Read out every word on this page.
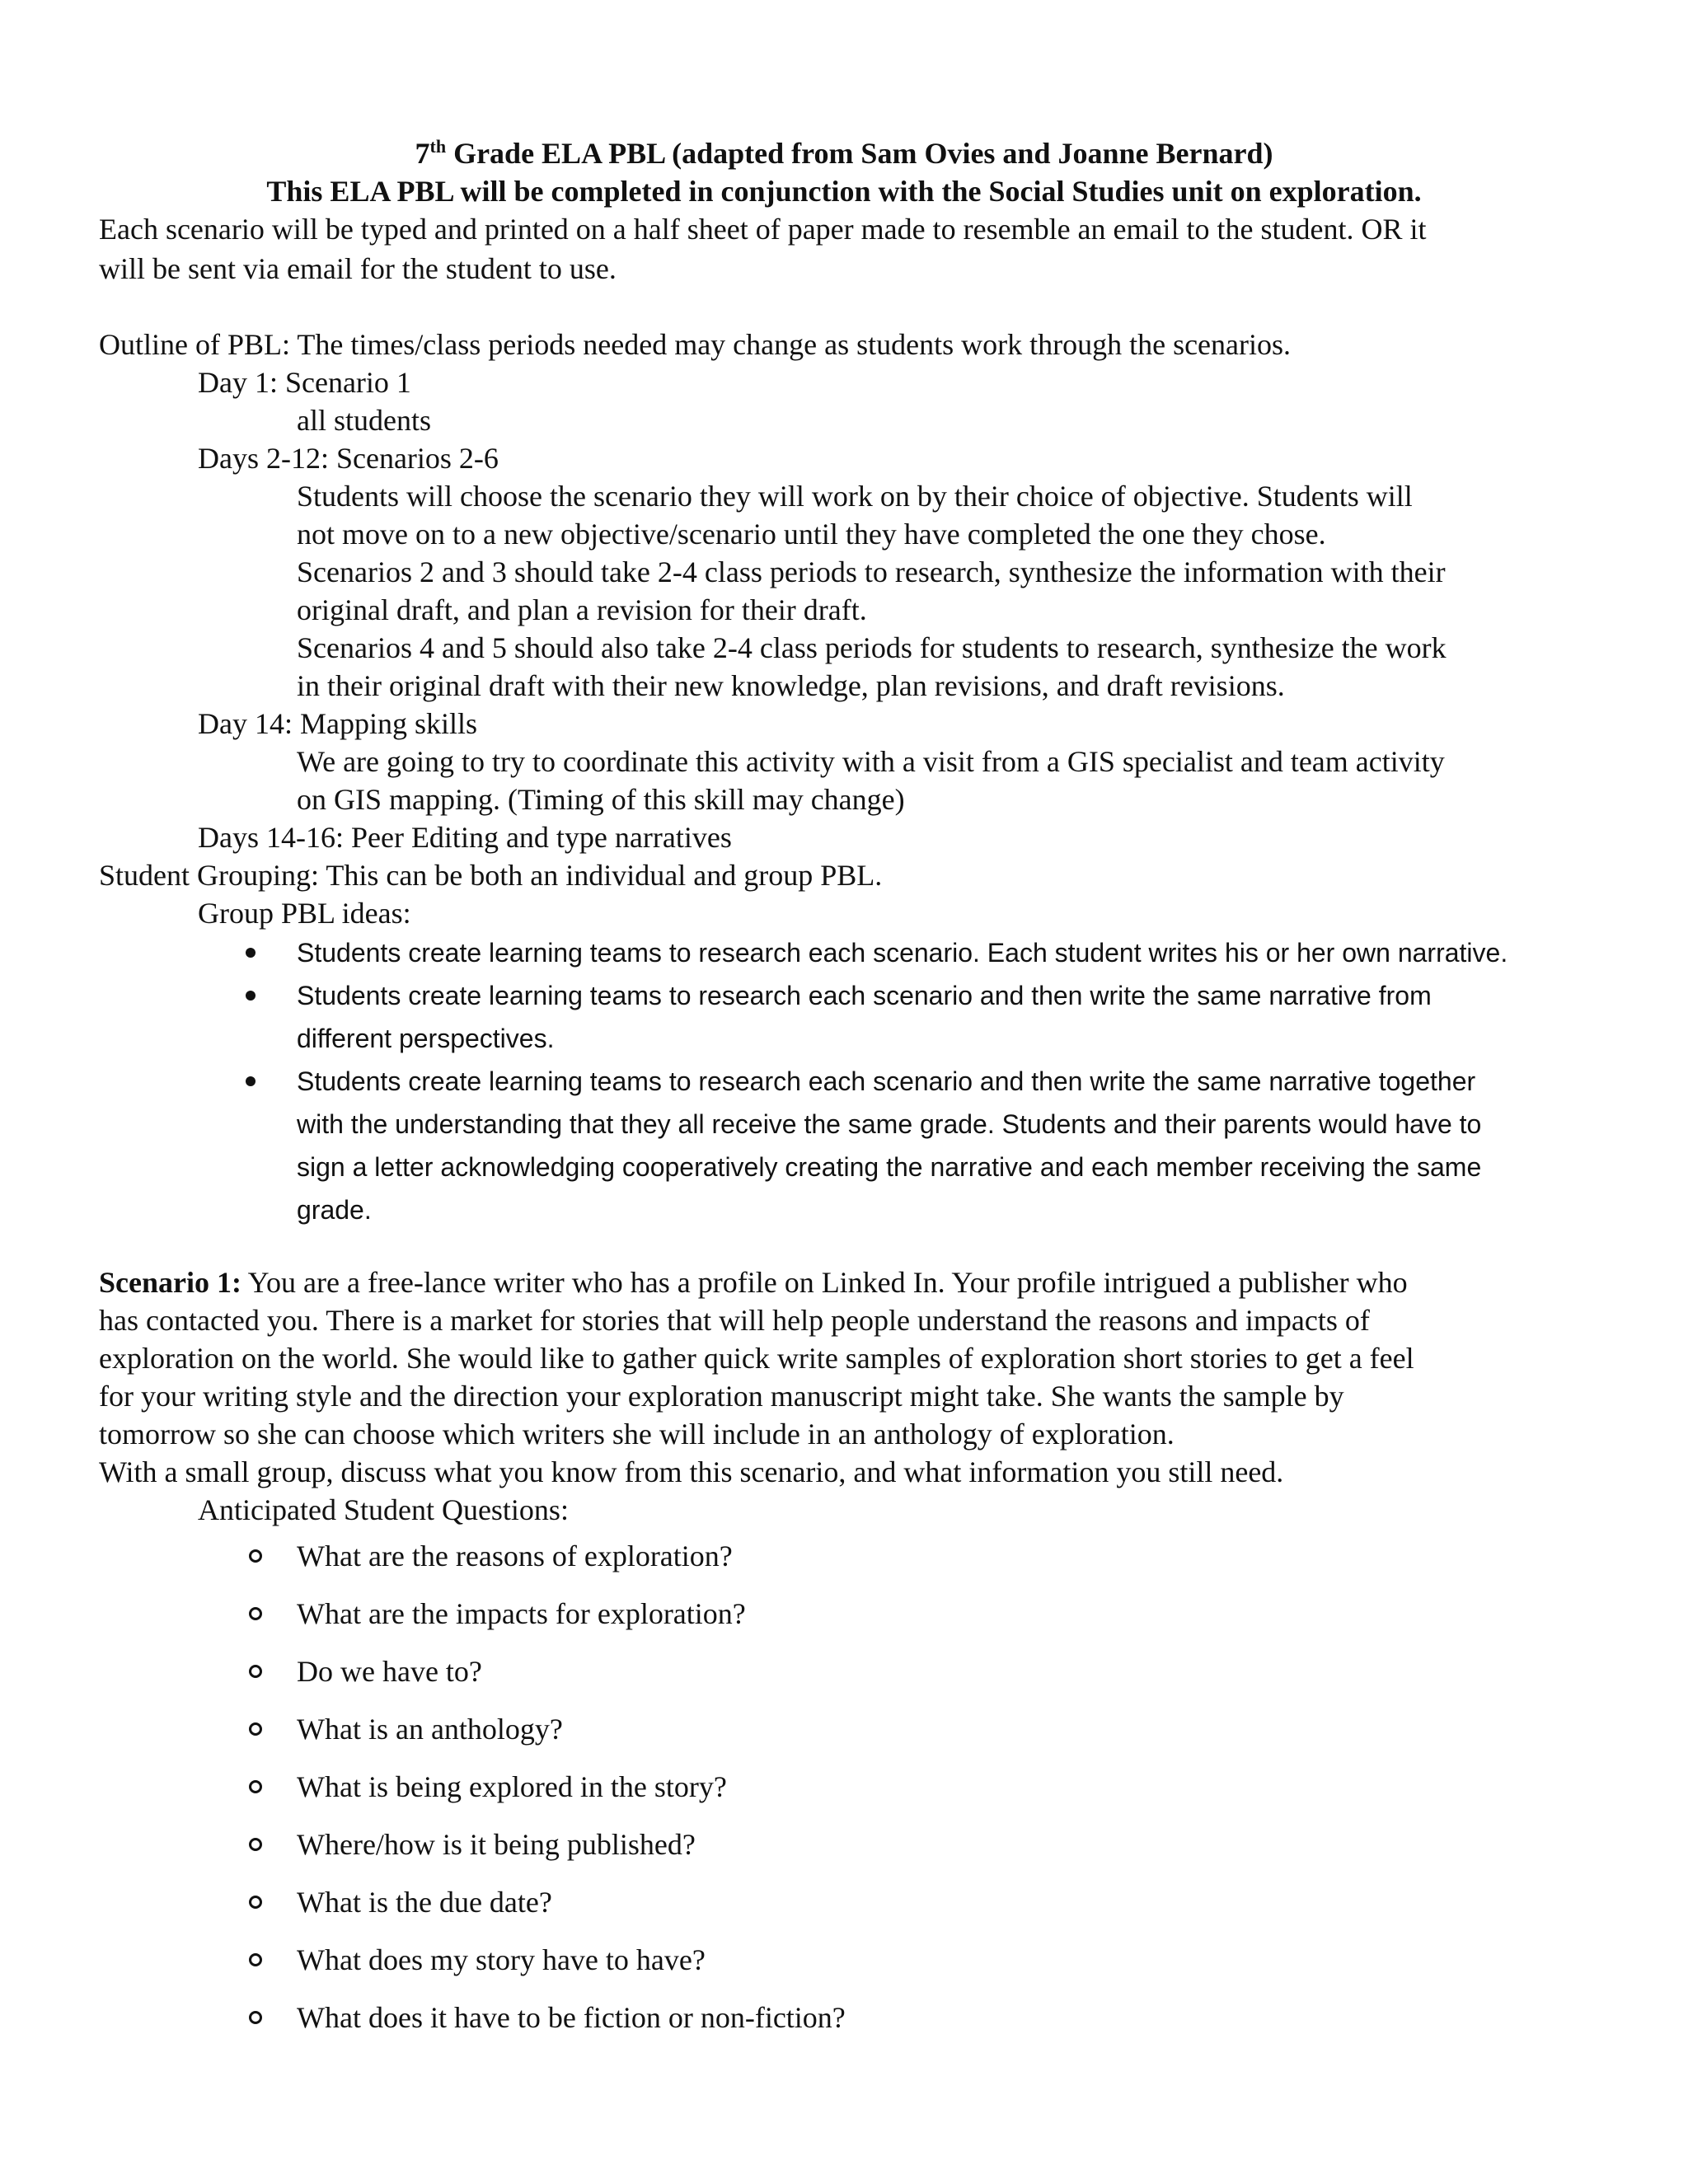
7th Grade ELA PBL (adapted from Sam Ovies and Joanne Bernard)
This ELA PBL will be completed in conjunction with the Social Studies unit on exploration.
Each scenario will be typed and printed on a half sheet of paper made to resemble an email to the student. OR it
will be sent via email for the student to use.
Outline of PBL: The times/class periods needed may change as students work through the scenarios.
Day 1: Scenario 1
all students
Days 2-12: Scenarios 2-6
Students will choose the scenario they will work on by their choice of objective. Students will
not move on to a new objective/scenario until they have completed the one they chose.
Scenarios 2 and 3 should take 2-4 class periods to research, synthesize the information with their
original draft, and plan a revision for their draft.
Scenarios 4 and 5 should also take 2-4 class periods for students to research, synthesize the work
in their original draft with their new knowledge, plan revisions, and draft revisions.
Day 14: Mapping skills
We are going to try to coordinate this activity with a visit from a GIS specialist and team activity
on GIS mapping. (Timing of this skill may change)
Days 14-16: Peer Editing and type narratives
Student Grouping: This can be both an individual and group PBL.
Group PBL ideas:
Students create learning teams to research each scenario. Each student writes his or her own narrative.
Students create learning teams to research each scenario and then write the same narrative from
different perspectives.
Students create learning teams to research each scenario and then write the same narrative together
with the understanding that they all receive the same grade. Students and their parents would have to
sign a letter acknowledging cooperatively creating the narrative and each member receiving the same
grade.
Scenario 1: You are a free-lance writer who has a profile on Linked In. Your profile intrigued a publisher who
has contacted you. There is a market for stories that will help people understand the reasons and impacts of
exploration on the world. She would like to gather quick write samples of exploration short stories to get a feel
for your writing style and the direction your exploration manuscript might take. She wants the sample by
tomorrow so she can choose which writers she will include in an anthology of exploration.
With a small group, discuss what you know from this scenario, and what information you still need.
Anticipated Student Questions:
What are the reasons of exploration?
What are the impacts for exploration?
Do we have to?
What is an anthology?
What is being explored in the story?
Where/how is it being published?
What is the due date?
What does my story have to have?
What does it have to be fiction or non-fiction?
